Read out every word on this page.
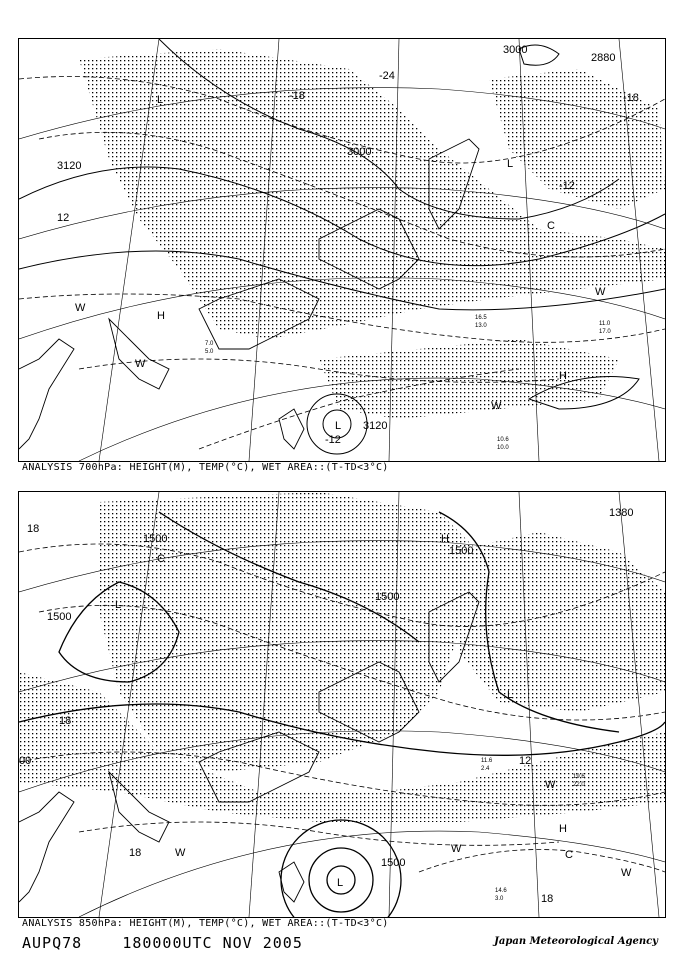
3120
3000
3000
2880
3120
-18
-12
12
-24
-18
-12
L
L
H
H
W
W
W
W
C
L
11.0
17.0
10.6
10.0
16.5
13.0
7.0
5.0
ANALYSIS 700hPa: HEIGHT(M), TEMP(°C), WET AREA::(T-TD<3°C)
1500
1500
1500
1500
1500
1380
00
18
18
12
18
18
H
L
L
W	W
W
W
C
C
H
L
19.6
22.0
11.6
2.4
14.6
3.0
ANALYSIS 850hPa: HEIGHT(M), TEMP(°C), WET AREA::(T-TD<3°C)
AUPQ78	180000UTC NOV 2005	Japan Meteorological Agency
